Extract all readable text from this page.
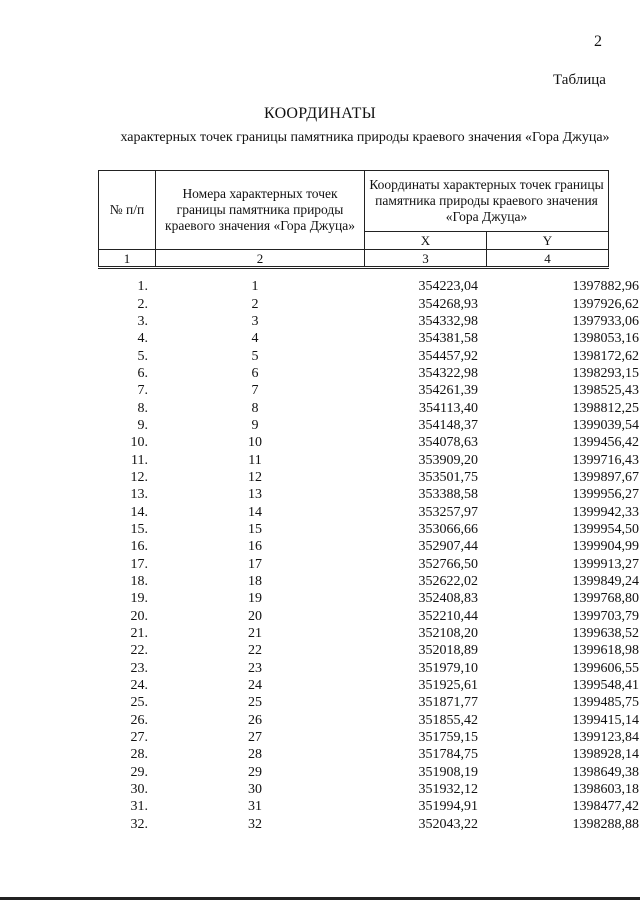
2
Таблица
КООРДИНАТЫ
характерных точек границы памятника природы краевого значения «Гора Джуца»
№ п/п	Номера характерных точек границы памятника природы краевого значения «Гора Джуца»	Координаты характерных точек границы памятника природы краевого значения «Гора Джуца»	
		X	Y
1	2	3	4
1.	1	354223,04	1397882,96
2.	2	354268,93	1397926,62
3.	3	354332,98	1397933,06
4.	4	354381,58	1398053,16
5.	5	354457,92	1398172,62
6.	6	354322,98	1398293,15
7.	7	354261,39	1398525,43
8.	8	354113,40	1398812,25
9.	9	354148,37	1399039,54
10.	10	354078,63	1399456,42
11.	11	353909,20	1399716,43
12.	12	353501,75	1399897,67
13.	13	353388,58	1399956,27
14.	14	353257,97	1399942,33
15.	15	353066,66	1399954,50
16.	16	352907,44	1399904,99
17.	17	352766,50	1399913,27
18.	18	352622,02	1399849,24
19.	19	352408,83	1399768,80
20.	20	352210,44	1399703,79
21.	21	352108,20	1399638,52
22.	22	352018,89	1399618,98
23.	23	351979,10	1399606,55
24.	24	351925,61	1399548,41
25.	25	351871,77	1399485,75
26.	26	351855,42	1399415,14
27.	27	351759,15	1399123,84
28.	28	351784,75	1398928,14
29.	29	351908,19	1398649,38
30.	30	351932,12	1398603,18
31.	31	351994,91	1398477,42
32.	32	352043,22	1398288,88
